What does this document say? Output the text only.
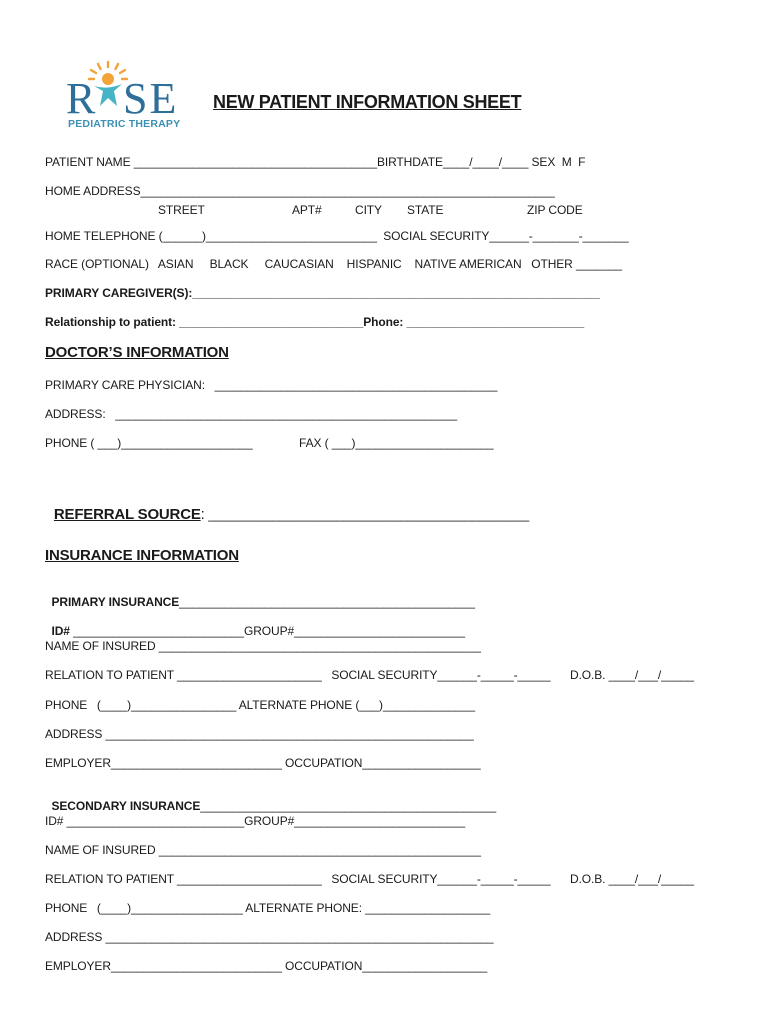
R SE
PEDIATRIC THERAPY
NEW PATIENT INFORMATION SHEET
PATIENT NAME _____________________________________BIRTHDATE____/____/____ SEX  M  F
HOME ADDRESS_______________________________________________________________
STREET	APT#	CITY STATE	ZIP CODE
HOME TELEPHONE (______)__________________________  SOCIAL SECURITY______-_______-_______
RACE (OPTIONAL)   ASIAN     BLACK     CAUCASIAN    HISPANIC    NATIVE AMERICAN   OTHER _______
PRIMARY CAREGIVER(S):______________________________________________________________
Relationship to patient: ____________________________Phone: ___________________________
DOCTOR’S INFORMATION
PRIMARY CARE PHYSICIAN:   ___________________________________________
ADDRESS:   ____________________________________________________
PHONE ( ___)____________________	FAX ( ___)_____________________

REFERRAL SOURCE: _____________________________________________

INSURANCE INFORMATION

PRIMARY INSURANCE_____________________________________________

ID# __________________________GROUP#__________________________

NAME OF INSURED _________________________________________________
RELATION TO PATIENT ______________________   SOCIAL SECURITY______-_____-_____ D.O.B. ____/___/_____
PHONE   (____)________________ ALTERNATE PHONE (___)______________
ADDRESS ________________________________________________________
EMPLOYER__________________________ OCCUPATION__________________

SECONDARY INSURANCE_____________________________________________

ID# ___________________________GROUP#__________________________
NAME OF INSURED _________________________________________________
RELATION TO PATIENT ______________________   SOCIAL SECURITY______-_____-_____ D.O.B. ____/___/_____
PHONE   (____)_________________ ALTERNATE PHONE: ___________________
ADDRESS ___________________________________________________________
EMPLOYER__________________________ OCCUPATION___________________
